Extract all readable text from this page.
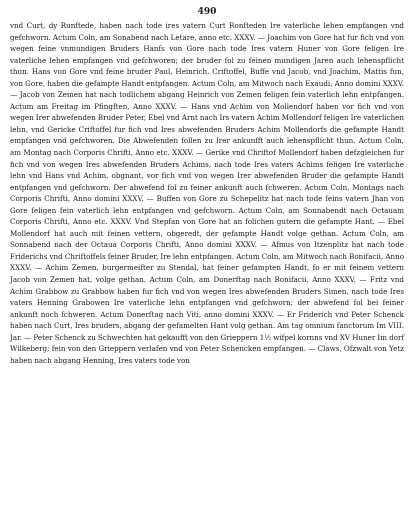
490

vnd Curt, dy Runftede, haben nach tode ires vatern Curt Ronfteden Ire vaterliche lehen empfangen vnd gefchworn. Actum Coln, am Sonabend nach Letare, anno etc. XXXV. — Joachim von Gore hat fur fich vnd von wegen feine vnmundigen Bruders Hanfs von Gore nach tode Ires vatern Huner von Gore feligen Ire vaterliche lehen empfangen vnd gefchworen; der bruder fol zu feinen mundigen Jaren auch lehenspflicht thun. Hans von Gore vnd feine bruder Paul, Heinrich, Criftoffel, Buffe vnd Jacob, vnd Joachim, Mattis fun, von Gore, haben die gefampte Handt entpfangen. Actum Coln, am Mitwoch nach Exaudi, Anno domini XXXV. — Jacob von Zemen hat nach todlichem abgang Heinrich von Zemen feligen fein vaterlich lehn entpfangen. Actum am Freitag im Pfingften, Anno XXXV. — Hans vnd Achim von Mollendorf haben vor fich vnd von wegen Irer abwefenden Bruder Peter, Ebel vnd Arnt nach Irs vatern Achim Mollendorf feligen Ire vaterlichen lehn, vnd Gericke Criftoffel fur fich vnd Ires abwefenden Bruders Achim Mollendorfs die gefampte Handt empfangen vnd gefchworen. Die Abwefenden follen zu Irer ankunfft auch lehenspflicht thun. Actum Coln, am Montag nach Corporis Chrifti, Anno etc. XXXV. — Gerike vnd Chriftof Mollendorf haben defzgleichen fur fich vnd von wegen Ires abwefenden Bruders Achims, nach tode Ires vaters Achims feligen Ire vaterliche lehn vnd Hans vnd Achim, obgnant, vor fich vnd von wegen Irer abwefenden Bruder die gefampte Handt entpfangen vnd gefchworn. Der abwefend fol zu feiner ankunft auch fchweren. Actum Coln, Montags nach Corporis Chrifti, Anno domini XXXV. — Buffen von Gore zu Schepelitz hat nach tode feins vatern Jhan von Gore feligen fein vaterlich lehn entpfangen vnd gefchworn. Actum Coln, am Sonnabendt nach Octauam Corporis Chrifti, Anno etc. XXXV. Vnd Stepfan von Gore hat an folichen gutern die gefampte Hant. — Ebel Mollendorf hat auch mit feinen vettern, obgeredt, der gefampte Handt volge gethan. Actum Coln, am Sonnabend nach der Octaua Corporis Chrifti, Anno domini XXXV. — Afmus von Itzenplitz hat nach tode Friderichs vnd Chriftoffels feiner Bruder, Ire lehn entpfangen. Actum Coln, am Mitwoch nach Bonifacii, Anno XXXV. — Achim Zemen, burgermeifter zu Stendal, hat feiner gefampten Handt, fo er mit feinem vettern Jacob von Zemen hat, volge gethan. Actum Coln, am Donerftag nach Bonifacii, Anno XXXV. — Fritz vnd Achim Grabbow zu Grabbow haben fur fich vnd von wegen Ires abwefenden Bruders Simen, nach tode Ires vaters Henning Grabowen Ire vaterliche lehn entpfangen vnd gefchworn; der abwefend fol bei feiner ankunft noch fchweren. Actum Donerftag nach Viti, anno domini XXXV. — Er Friderich vnd Peter Schenck haben nach Curt, Ires bruders, abgang der gefamelten Hant volg gethan. Am tag omnium fanctorum Im VIII. Jar. — Peter Schenck zu Schwechten hat gekaufft von den Grieppern 1½ wifpel kornns vnd XV Huner Im dorf Wilkeberg; fein von den Grieppern verlafen vnd von Peter Schencken empfangen. — Claws, Ofzwalt von Yetz haben nach abgang Henning, Ires vaters tode von
